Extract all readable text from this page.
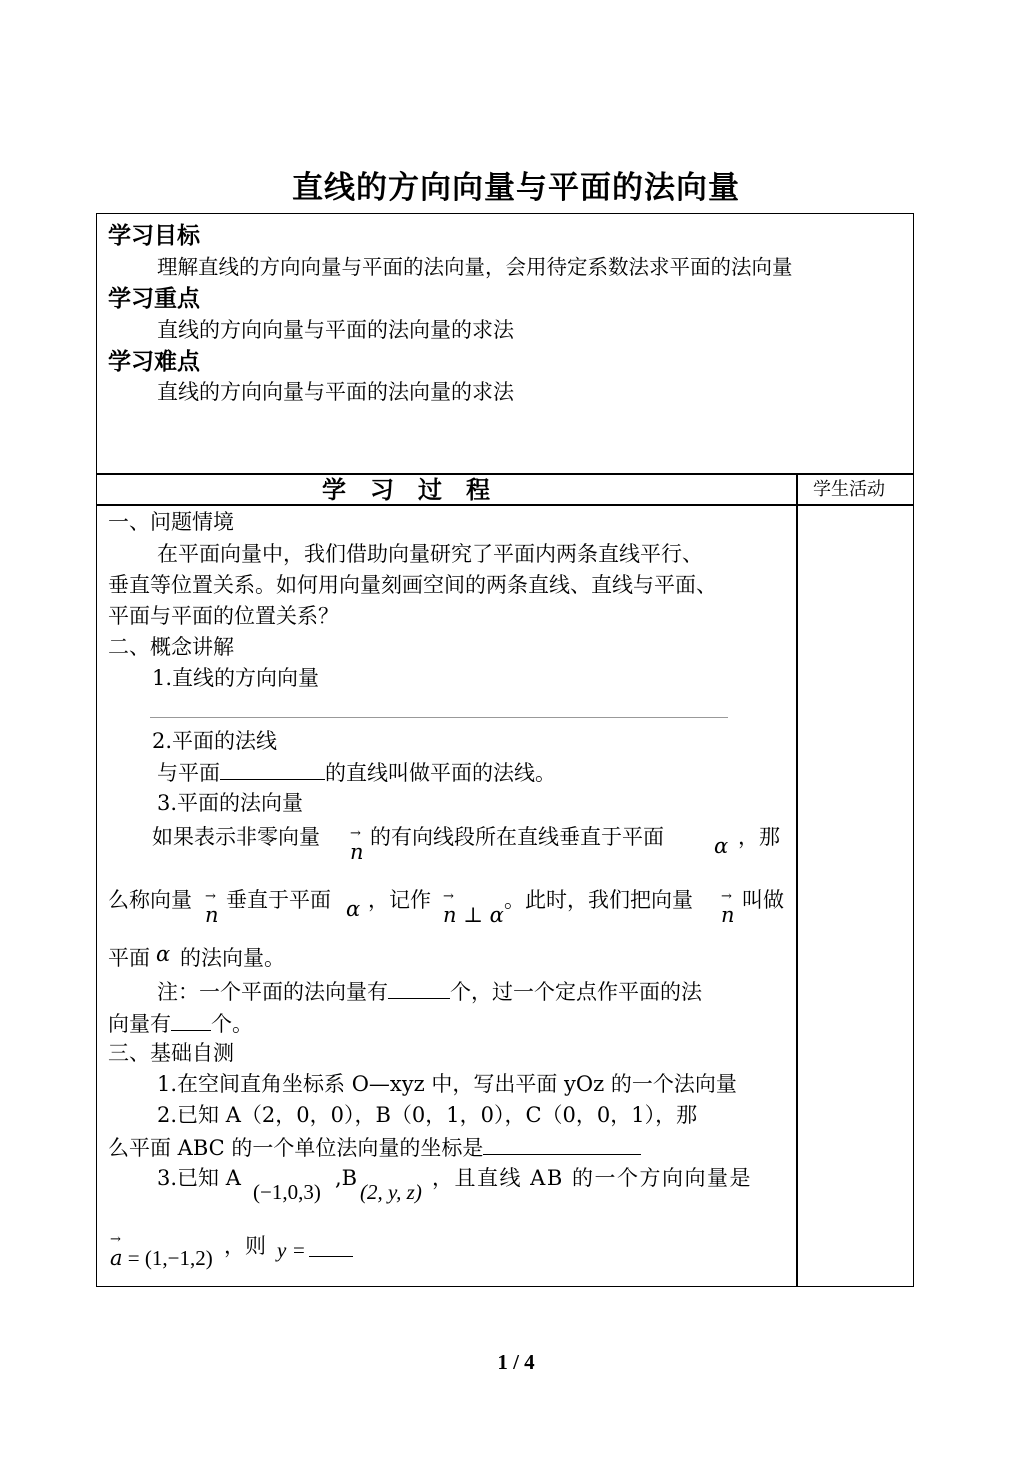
直线的方向向量与平面的法向量
学习目标
理解直线的方向向量与平面的法向量，会用待定系数法求平面的法向量
学习重点
直线的方向向量与平面的法向量的求法
学习难点
直线的方向向量与平面的法向量的求法
学　习　过　程	学生活动
一、问题情境
在平面向量中，我们借助向量研究了平面内两条直线平行、
垂直等位置关系。如何用向量刻画空间的两条直线、直线与平面、
平面与平面的位置关系？
二、概念讲解
1.直线的方向向量
2.平面的法线
与平面	的直线叫做平面的法线。
3.平面的法向量
如果表示非零向量 →
n
的有向线段所在直线垂直于平面 α ，那
么称向量 →
n
垂直于平面 α ，记作 →
n ⊥ α
。此时，我们把向量 →
n
叫做
平面 α 的法向量。
注：一个平面的法向量有	个，过一个定点作平面的法
向量有 个。
三、基础自测
1.在空间直角坐标系 O—xyz 中，写出平面 yOz 的一个法向量
2.已知 A（2，0，0），B（0，1，0），C（0，0，1），那
么平面 ABC 的一个单位法向量的坐标是
3.已知 A
(−1,0,3)
,B
(2, y, z)
，且直线 AB 的一个方向向量是
→
a = (1,−1,2) ，则 y =
1 / 4
